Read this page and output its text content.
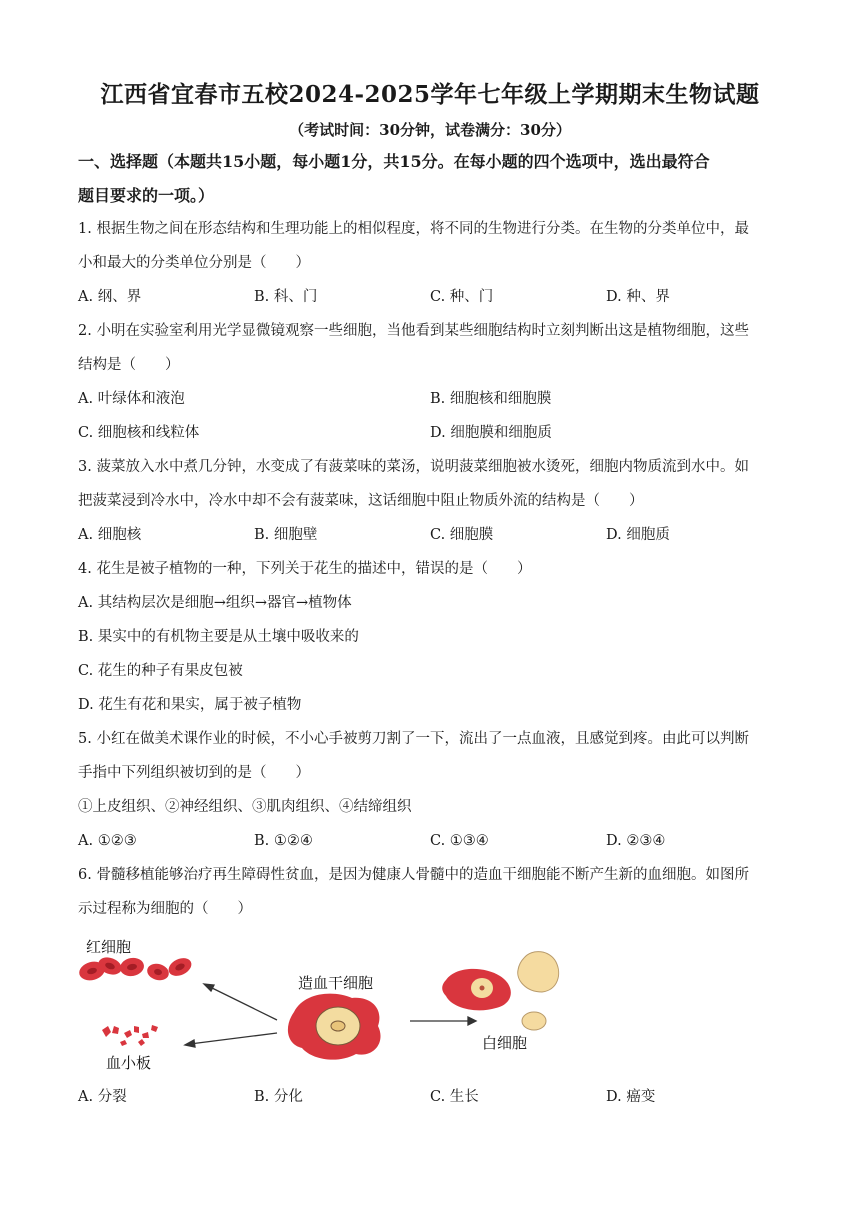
江西省宜春市五校2024-2025学年七年级上学期期末生物试题
（考试时间：30分钟，试卷满分：30分）
一、选择题（本题共15小题，每小题1分，共15分。在每小题的四个选项中，选出最符合
题目要求的一项。）
1. 根据生物之间在形态结构和生理功能上的相似程度，将不同的生物进行分类。在生物的分类单位中，最
小和最大的分类单位分别是（　　）
A. 纲、界	B. 科、门	C. 种、门	D. 种、界
2. 小明在实验室利用光学显微镜观察一些细胞，当他看到某些细胞结构时立刻判断出这是植物细胞，这些
结构是（　　）
A. 叶绿体和液泡	B. 细胞核和细胞膜
C. 细胞核和线粒体	D. 细胞膜和细胞质
3. 菠菜放入水中煮几分钟，水变成了有菠菜味的菜汤，说明菠菜细胞被水烫死，细胞内物质流到水中。如
把菠菜浸到冷水中，冷水中却不会有菠菜味，这话细胞中阻止物质外流的结构是（　　）
A. 细胞核	B. 细胞壁	C. 细胞膜	D. 细胞质
4. 花生是被子植物的一种，下列关于花生的描述中，错误的是（　　）
A. 其结构层次是细胞→组织→器官→植物体
B. 果实中的有机物主要是从土壤中吸收来的
C. 花生的种子有果皮包被
D. 花生有花和果实，属于被子植物
5. 小红在做美术课作业的时候，不小心手被剪刀割了一下，流出了一点血液，且感觉到疼。由此可以判断
手指中下列组织被切到的是（　　）
①上皮组织、②神经组织、③肌肉组织、④结缔组织
A. ①②③	B. ①②④	C. ①③④	D. ②③④
6. 骨髓移植能够治疗再生障碍性贫血，是因为健康人骨髓中的造血干细胞能不断产生新的血细胞。如图所
示过程称为细胞的（　　）
红细胞
造血干细胞
血小板
白细胞
A. 分裂	B. 分化	C. 生长	D. 癌变
